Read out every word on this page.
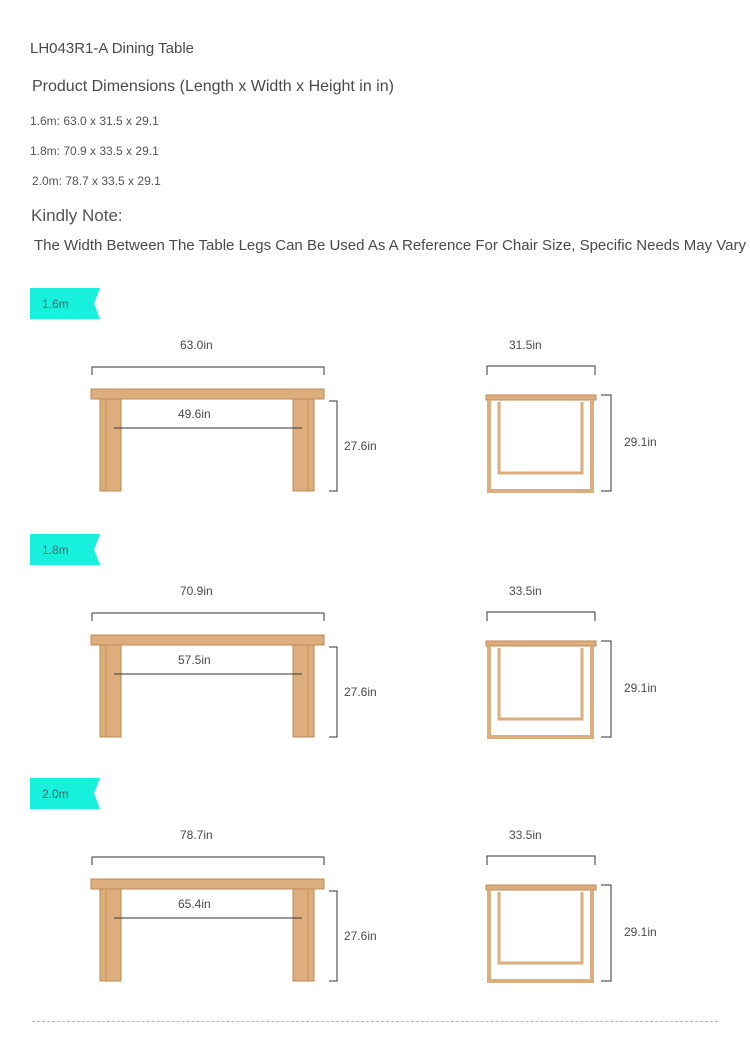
LH043R1-A Dining Table
Product Dimensions (Length x Width x Height in in)
1.6m: 63.0 x 31.5 x 29.1
1.8m: 70.9 x 33.5 x 29.1
2.0m: 78.7 x 33.5 x 29.1
Kindly Note:
The Width Between The Table Legs Can Be Used As A Reference For Chair Size, Specific Needs May Vary
1.6m
63.0in
49.6in
27.6in
31.5in
29.1in
1.8m
70.9in
57.5in
27.6in
33.5in
29.1in
2.0m
78.7in
65.4in
27.6in
33.5in
29.1in
